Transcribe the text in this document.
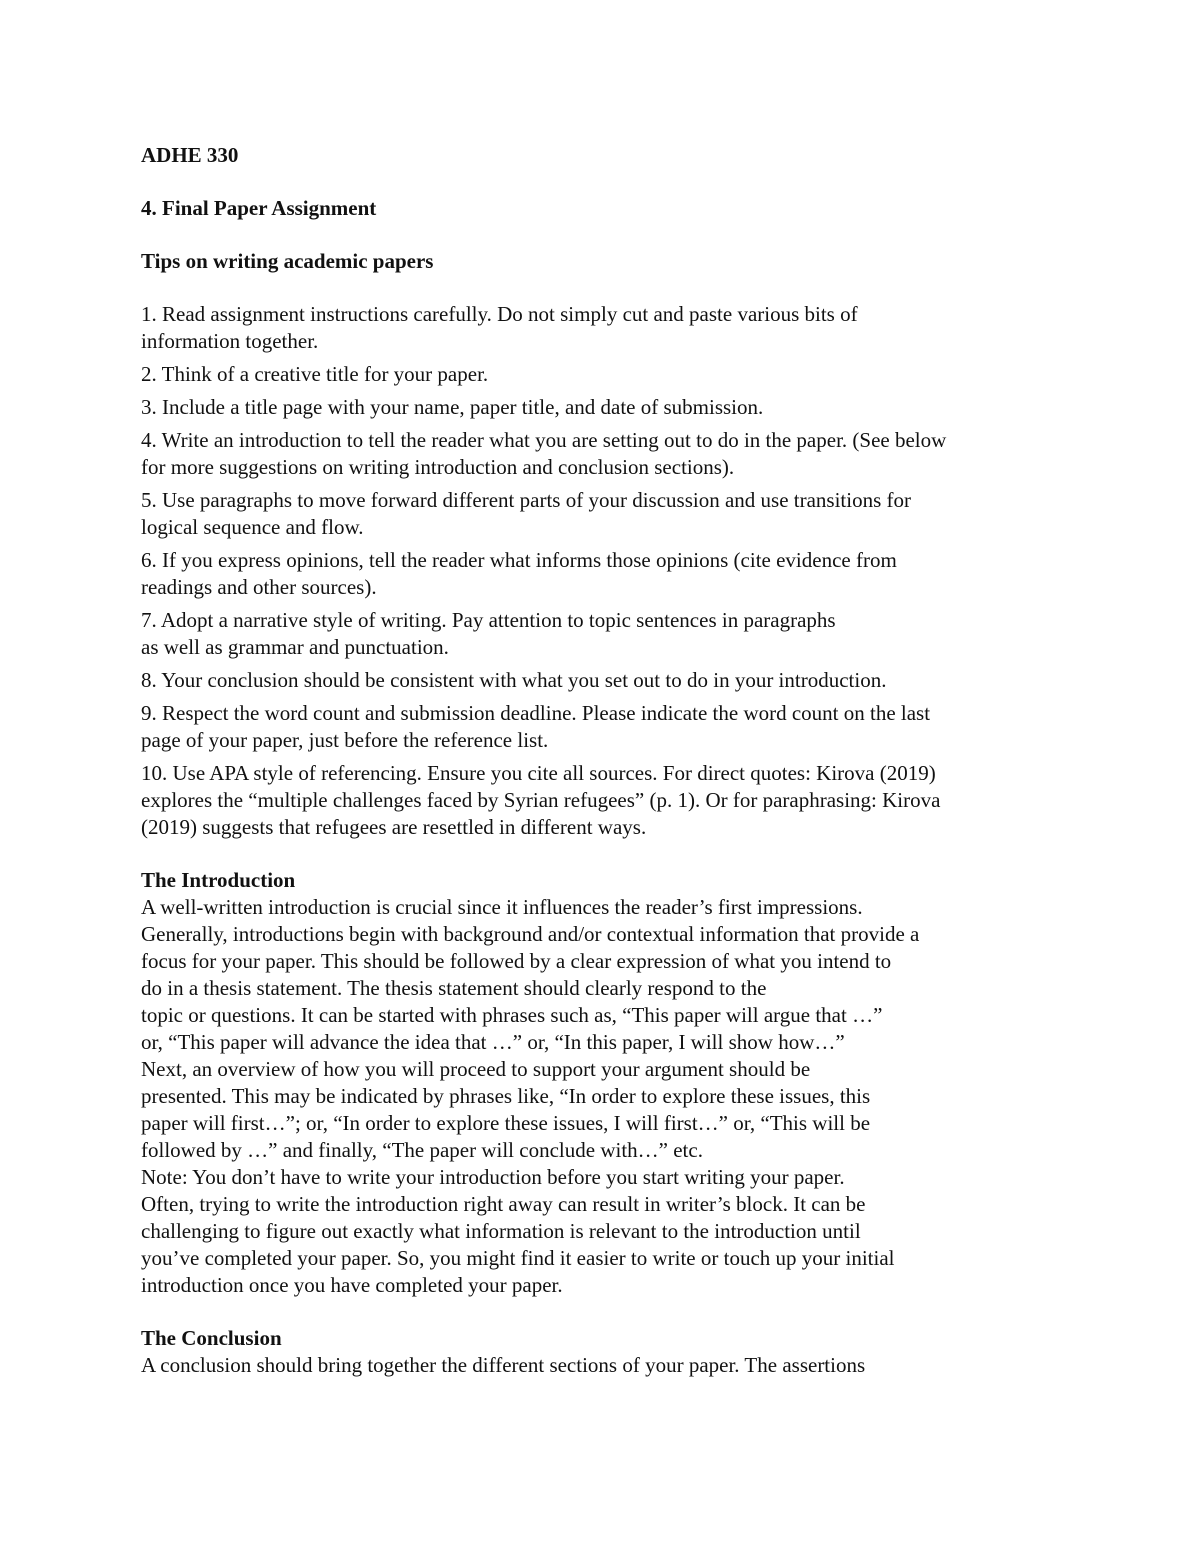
ADHE 330

4. Final Paper Assignment

Tips on writing academic papers

1. Read assignment instructions carefully. Do not simply cut and paste various bits of
information together.

2. Think of a creative title for your paper.

3. Include a title page with your name, paper title, and date of submission.

4. Write an introduction to tell the reader what you are setting out to do in the paper. (See below
for more suggestions on writing introduction and conclusion sections).

5. Use paragraphs to move forward different parts of your discussion and use transitions for
logical sequence and flow.

6. If you express opinions, tell the reader what informs those opinions (cite evidence from
readings and other sources).

7. Adopt a narrative style of writing. Pay attention to topic sentences in paragraphs
as well as grammar and punctuation.

8. Your conclusion should be consistent with what you set out to do in your introduction.

9. Respect the word count and submission deadline. Please indicate the word count on the last
page of your paper, just before the reference list.

10. Use APA style of referencing. Ensure you cite all sources. For direct quotes: Kirova (2019)
explores the “multiple challenges faced by Syrian refugees” (p. 1). Or for paraphrasing: Kirova
(2019) suggests that refugees are resettled in different ways.

The Introduction

A well-written introduction is crucial since it influences the reader’s first impressions.
Generally, introductions begin with background and/or contextual information that provide a
focus for your paper. This should be followed by a clear expression of what you intend to
do in a thesis statement. The thesis statement should clearly respond to the
topic or questions. It can be started with phrases such as, “This paper will argue that …”
or, “This paper will advance the idea that …” or, “In this paper, I will show how…”
Next, an overview of how you will proceed to support your argument should be
presented. This may be indicated by phrases like, “In order to explore these issues, this
paper will first…”; or, “In order to explore these issues, I will first…” or, “This will be
followed by …” and finally, “The paper will conclude with…” etc.
Note: You don’t have to write your introduction before you start writing your paper.
Often, trying to write the introduction right away can result in writer’s block. It can be
challenging to figure out exactly what information is relevant to the introduction until
you’ve completed your paper. So, you might find it easier to write or touch up your initial
introduction once you have completed your paper.

The Conclusion

A conclusion should bring together the different sections of your paper. The assertions
